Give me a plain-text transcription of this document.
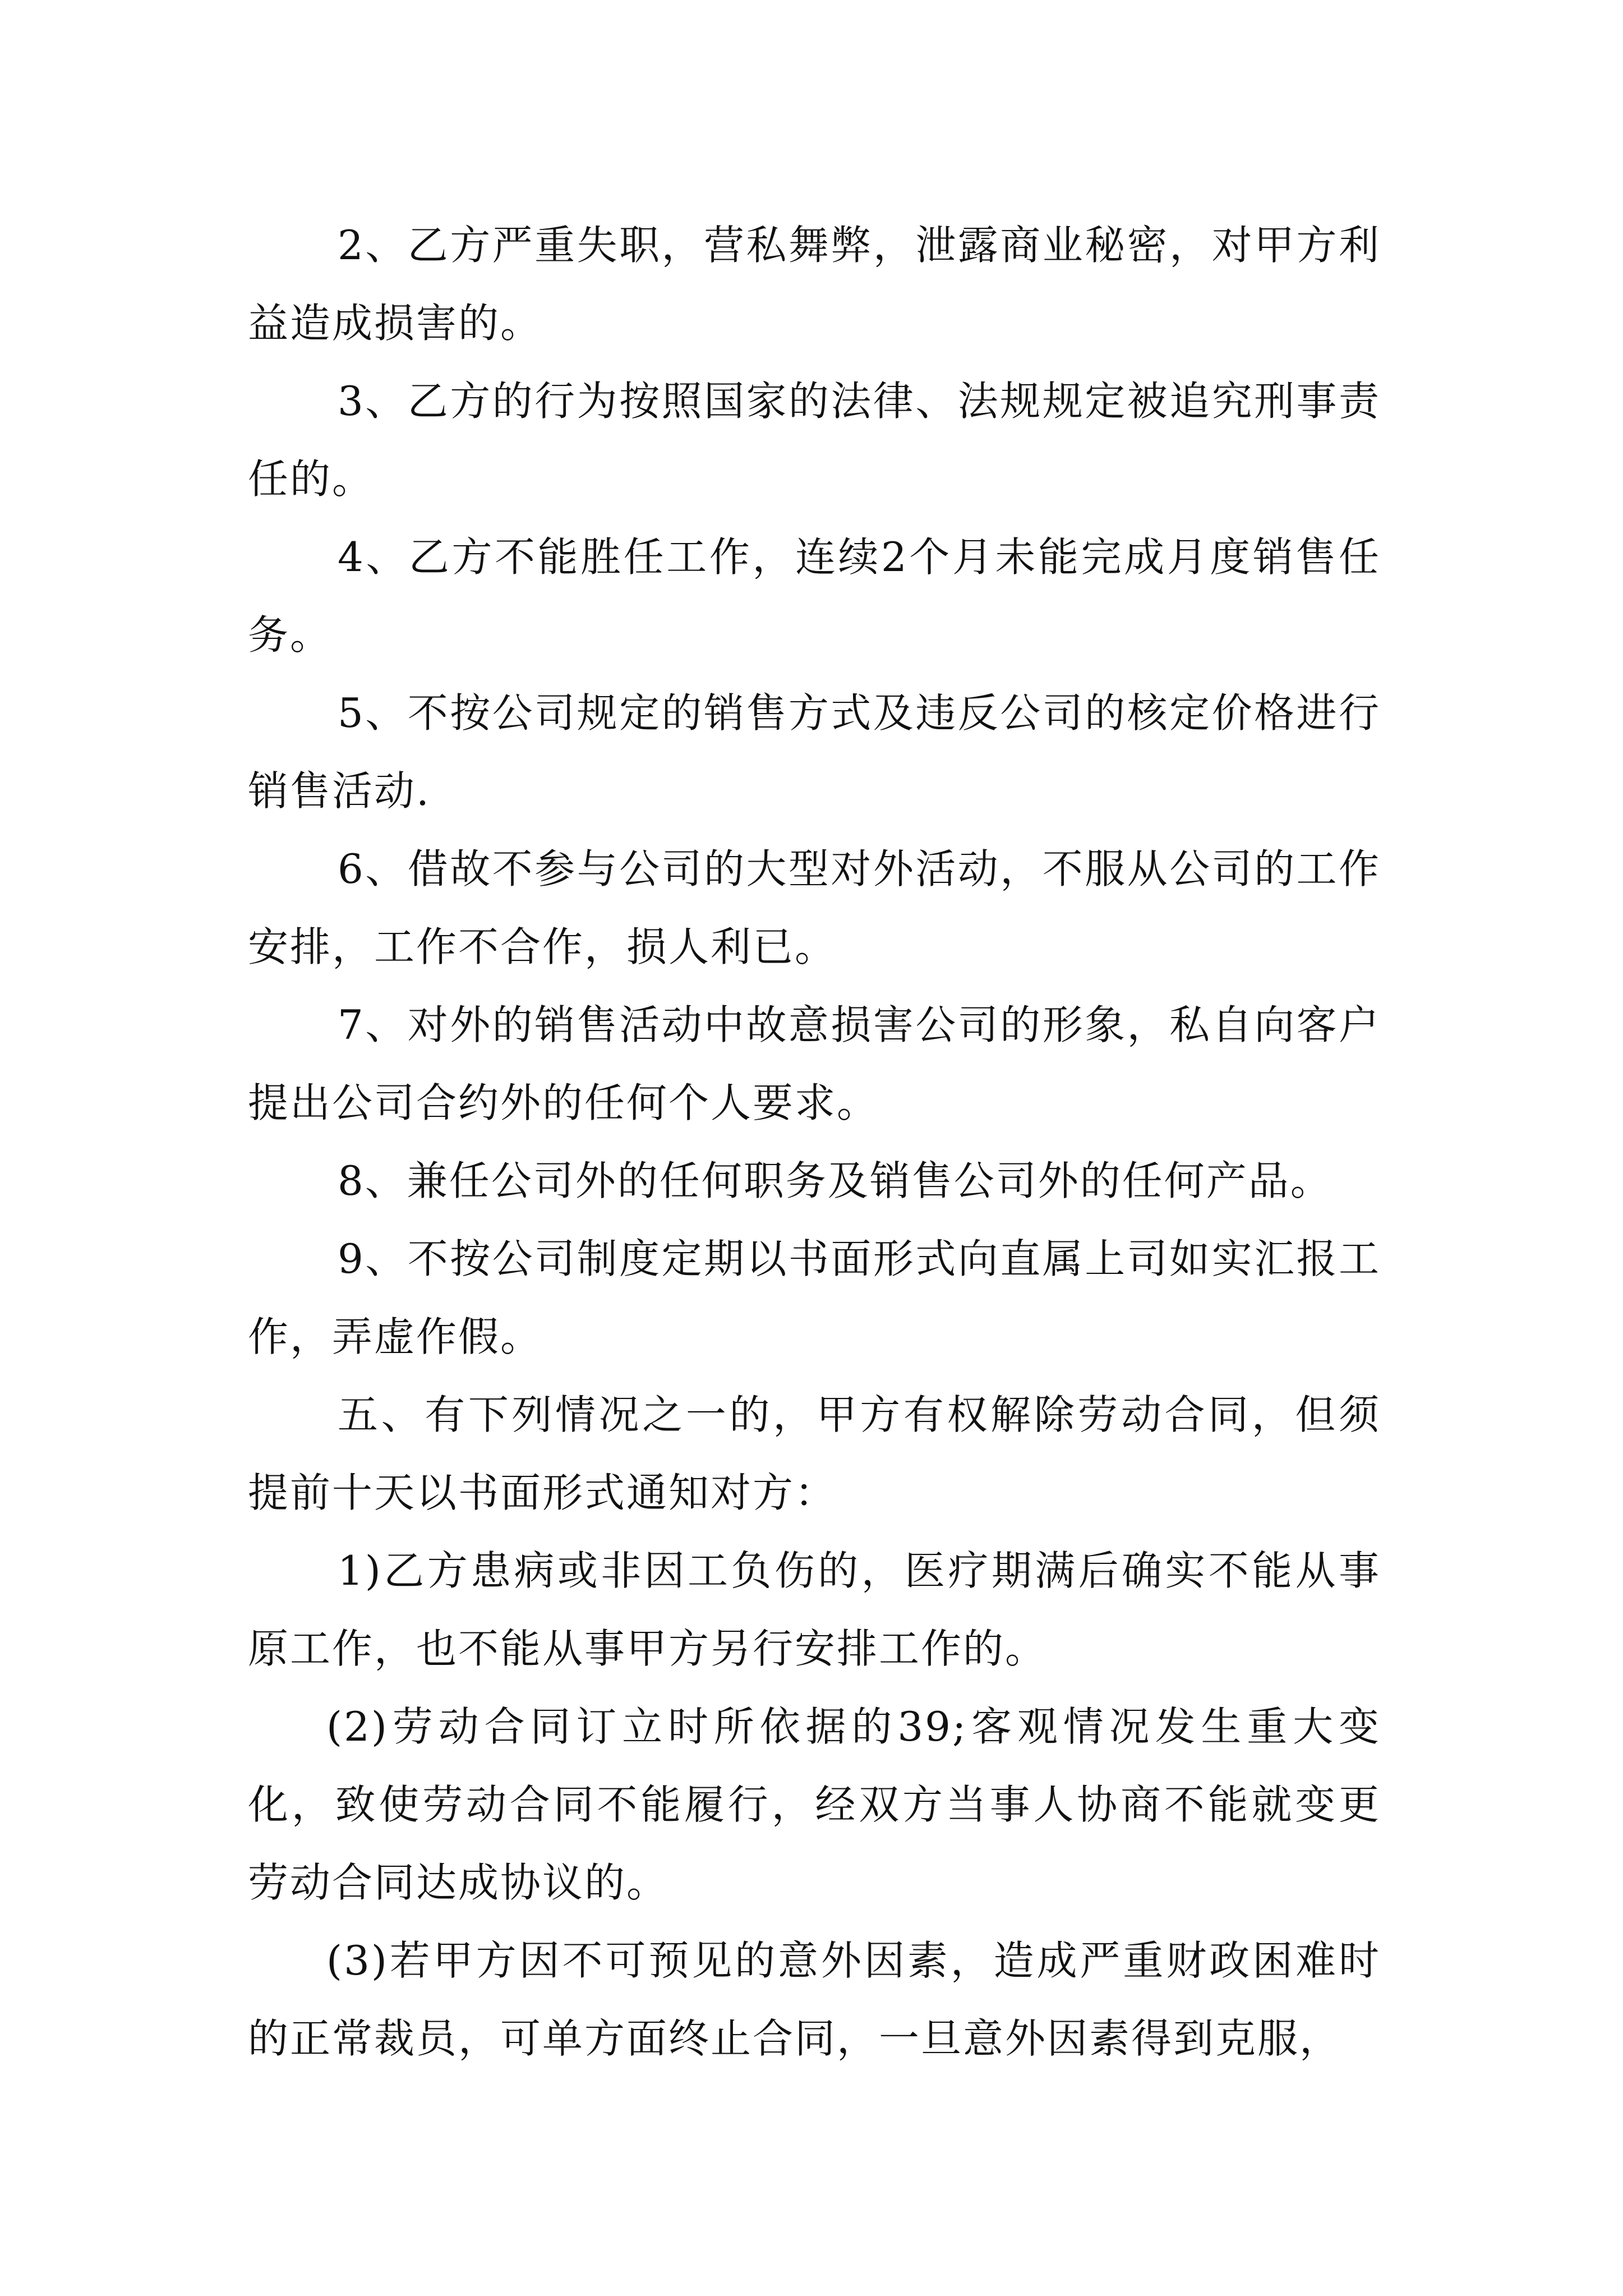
2、乙方严重失职，营私舞弊，泄露商业秘密，对甲方利益造成损害的。

3、乙方的行为按照国家的法律、法规规定被追究刑事责任的。

4、乙方不能胜任工作，连续2个月未能完成月度销售任务。

5、不按公司规定的销售方式及违反公司的核定价格进行销售活动.

6、借故不参与公司的大型对外活动，不服从公司的工作安排，工作不合作，损人利已。

7、对外的销售活动中故意损害公司的形象，私自向客户提出公司合约外的任何个人要求。

8、兼任公司外的任何职务及销售公司外的任何产品。

9、不按公司制度定期以书面形式向直属上司如实汇报工作，弄虚作假。

五、有下列情况之一的，甲方有权解除劳动合同，但须提前十天以书面形式通知对方：

1)乙方患病或非因工负伤的，医疗期满后确实不能从事原工作，也不能从事甲方另行安排工作的。

(2)劳动合同订立时所依据的39;客观情况发生重大变化，致使劳动合同不能履行，经双方当事人协商不能就变更劳动合同达成协议的。

(3)若甲方因不可预见的意外因素，造成严重财政困难时的正常裁员，可单方面终止合同，一旦意外因素得到克服，
